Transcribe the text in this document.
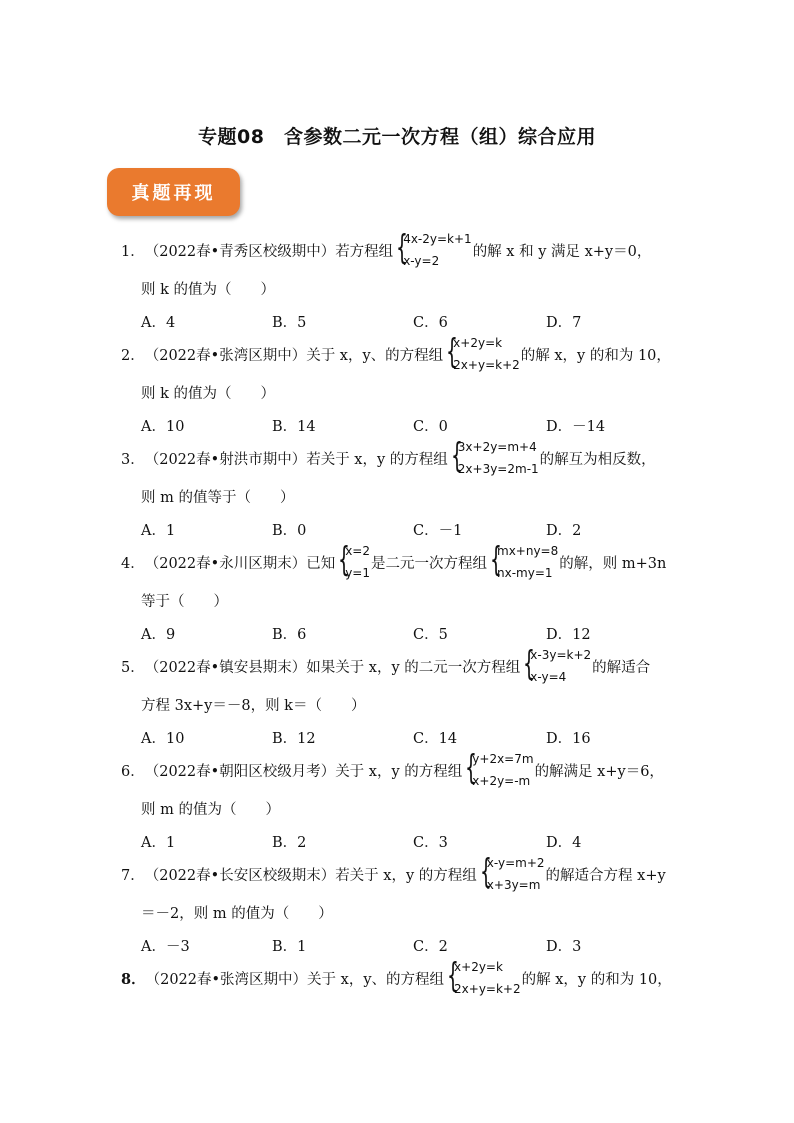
专题08　含参数二元一次方程（组）综合应用
真题再现
1． （2022春•青秀区校级期中）若方程组 {
4x-2y=k+1
x-y=2
的解 x 和 y 满足 x+y＝0，
则 k 的值为（　　）
A．4	B．5	C．6	D．7
2． （2022春•张湾区期中）关于 x，y、的方程组 {
x+2y=k
2x+y=k+2
的解 x，y 的和为 10，
则 k 的值为（　　）
A．10	B．14	C．0	D．－14
3． （2022春•射洪市期中）若关于 x，y 的方程组 {
3x+2y=m+4
2x+3y=2m-1
的解互为相反数，
则 m 的值等于（　　）
A．1	B．0	C．－1	D．2
4． （2022春•永川区期末）已知 {
x=2
y=1
是二元一次方程组 {
mx+ny=8
nx-my=1
的解，则 m+3n
等于（　　）
A．9	B．6	C．5	D．12
5． （2022春•镇安县期末）如果关于 x，y 的二元一次方程组 {
x-3y=k+2
x-y=4
的解适合
方程 3x+y＝－8，则 k＝（　　）
A．10	B．12	C．14	D．16
6． （2022春•朝阳区校级月考）关于 x，y 的方程组 {
y+2x=7m
x+2y=-m
的解满足 x+y＝6，
则 m 的值为（　　）
A．1	B．2	C．3	D．4
7． （2022春•长安区校级期末）若关于 x，y 的方程组 {
x-y=m+2
x+3y=m
的解适合方程 x+y
＝－2，则 m 的值为（　　）
A．－3	B．1	C．2	D．3
8． （2022春•张湾区期中）关于 x，y、的方程组 {
x+2y=k
2x+y=k+2
的解 x，y 的和为 10，
